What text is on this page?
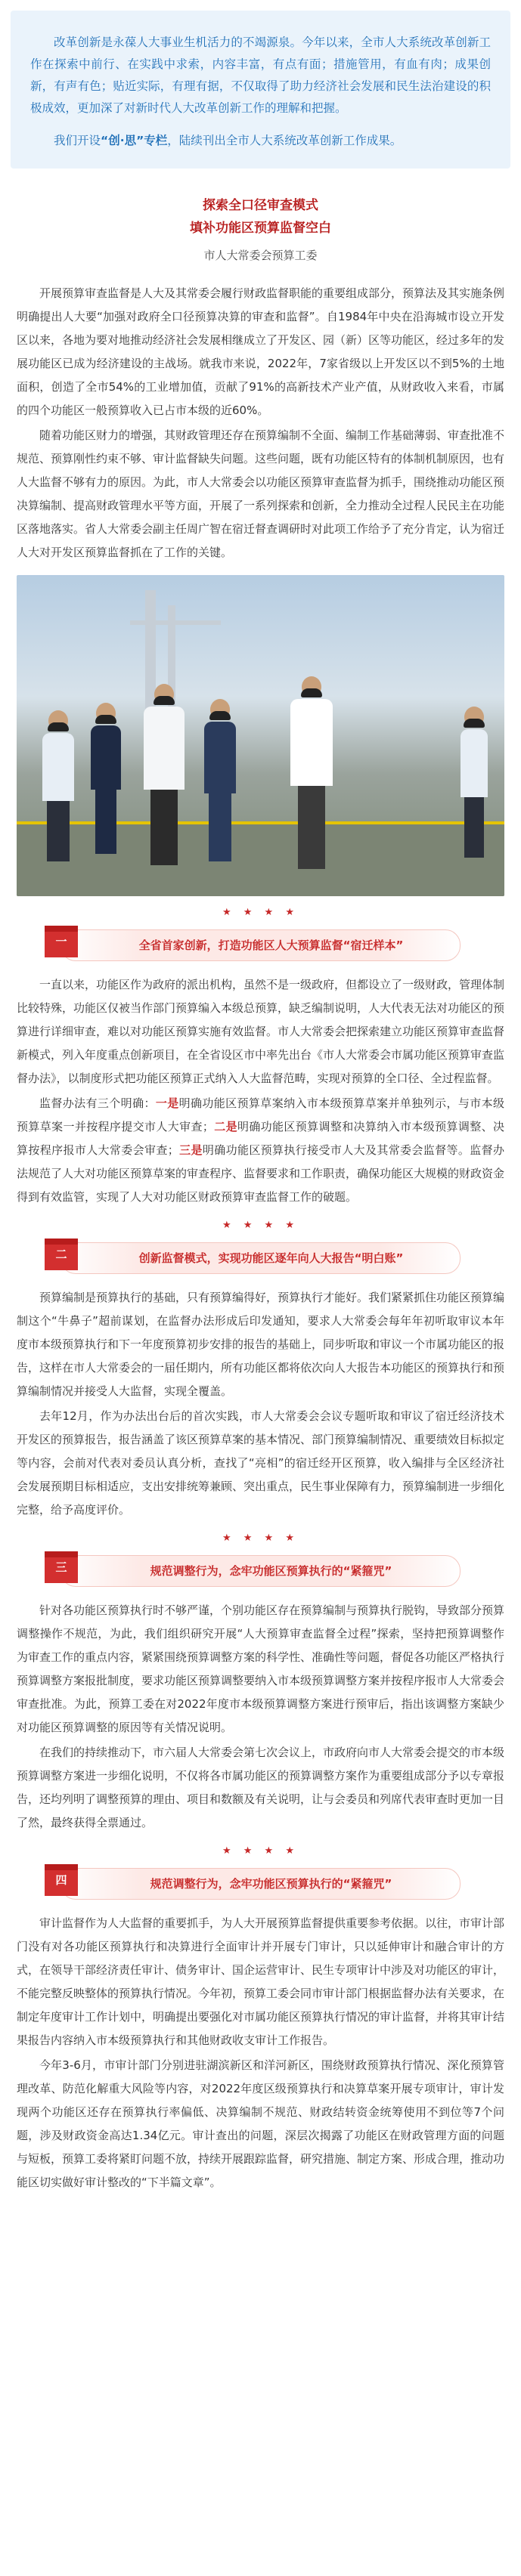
改革创新是永葆人大事业生机活力的不竭源泉。今年以来，全市人大系统改革创新工作在探索中前行、在实践中求索，内容丰富，有点有面；措施管用，有血有肉；成果创新，有声有色；贴近实际，有理有据，不仅取得了助力经济社会发展和民生法治建设的积极成效，更加深了对新时代人大改革创新工作的理解和把握。

我们开设“创·思”专栏，陆续刊出全市人大系统改革创新工作成果。

探索全口径审查模式
填补功能区预算监督空白
市人大常委会预算工委

开展预算审查监督是人大及其常委会履行财政监督职能的重要组成部分，预算法及其实施条例明确提出人大要“加强对政府全口径预算决算的审查和监督”。自1984年中央在沿海城市设立开发区以来，各地为要对地推动经济社会发展相继成立了开发区、园（新）区等功能区，经过多年的发展功能区已成为经济建设的主战场。就我市来说，2022年，7家省级以上开发区以不到5%的土地面积，创造了全市54%的工业增加值，贡献了91%的高新技术产业产值，从财政收入来看，市属的四个功能区一般预算收入已占市本级的近60%。

随着功能区财力的增强，其财政管理还存在预算编制不全面、编制工作基础薄弱、审查批准不规范、预算刚性约束不够、审计监督缺失问题。这些问题，既有功能区特有的体制机制原因，也有人大监督不够有力的原因。为此，市人大常委会以功能区预算审查监督为抓手，围绕推动功能区预决算编制、提高财政管理水平等方面，开展了一系列探索和创新，全力推动全过程人民民主在功能区落地落实。省人大常委会副主任周广智在宿迁督查调研时对此项工作给予了充分肯定，认为宿迁人大对开发区预算监督抓在了工作的关键。

★ ★ ★ ★
一	全省首家创新，打造功能区人大预算监督“宿迁样本”

一直以来，功能区作为政府的派出机构，虽然不是一级政府，但都设立了一级财政，管理体制比较特殊，功能区仅被当作部门预算编入本级总预算，缺乏编制说明，人大代表无法对功能区的预算进行详细审查，难以对功能区预算实施有效监督。市人大常委会把探索建立功能区预算审查监督新模式，列入年度重点创新项目，在全省设区市中率先出台《市人大常委会市属功能区预算审查监督办法》，以制度形式把功能区预算正式纳入人大监督范畴，实现对预算的全口径、全过程监督。

监督办法有三个明确：一是明确功能区预算草案纳入市本级预算草案并单独列示，与市本级预算草案一并按程序提交市人大审查；二是明确功能区预算调整和决算纳入市本级预算调整、决算按程序报市人大常委会审查；三是明确功能区预算执行接受市人大及其常委会监督等。监督办法规范了人大对功能区预算草案的审查程序、监督要求和工作职责，确保功能区大规模的财政资金得到有效监管，实现了人大对功能区财政预算审查监督工作的破题。

★ ★ ★ ★
二	创新监督模式，实现功能区逐年向人大报告“明白账”

预算编制是预算执行的基础，只有预算编得好，预算执行才能好。我们紧紧抓住功能区预算编制这个“牛鼻子”超前谋划，在监督办法形成后印发通知，要求人大常委会每年年初听取审议本年度市本级预算执行和下一年度预算初步安排的报告的基础上，同步听取和审议一个市属功能区的报告，这样在市人大常委会的一届任期内，所有功能区都将依次向人大报告本功能区的预算执行和预算编制情况并接受人大监督，实现全覆盖。

去年12月，作为办法出台后的首次实践，市人大常委会会议专题听取和审议了宿迁经济技术开发区的预算报告，报告涵盖了该区预算草案的基本情况、部门预算编制情况、重要绩效目标拟定等内容，会前对代表对委员认真分析，查找了“亮相”的宿迁经开区预算，收入编排与全区经济社会发展预期目标相适应，支出安排统筹兼顾、突出重点，民生事业保障有力，预算编制进一步细化完整，给予高度评价。

★ ★ ★ ★
三	规范调整行为，念牢功能区预算执行的“紧箍咒”

针对各功能区预算执行时不够严谨，个别功能区存在预算编制与预算执行脱钩，导致部分预算调整操作不规范，为此，我们组织研究开展“人大预算审查监督全过程”探索，坚持把预算调整作为审查工作的重点内容，紧紧围绕预算调整方案的科学性、准确性等问题，督促各功能区严格执行预算调整方案报批制度，要求功能区预算调整要纳入市本级预算调整方案并按程序报市人大常委会审查批准。为此，预算工委在对2022年度市本级预算调整方案进行预审后，指出该调整方案缺少对功能区预算调整的原因等有关情况说明。

在我们的持续推动下，市六届人大常委会第七次会议上，市政府向市人大常委会提交的市本级预算调整方案进一步细化说明，不仅将各市属功能区的预算调整方案作为重要组成部分予以专章报告，还均列明了调整预算的理由、项目和数额及有关说明，让与会委员和列席代表审查时更加一目了然，最终获得全票通过。

★ ★ ★ ★
四	规范调整行为，念牢功能区预算执行的“紧箍咒”

审计监督作为人大监督的重要抓手，为人大开展预算监督提供重要参考依据。以往，市审计部门没有对各功能区预算执行和决算进行全面审计并开展专门审计，只以延伸审计和融合审计的方式，在领导干部经济责任审计、债务审计、国企运营审计、民生专项审计中涉及对功能区的审计，不能完整反映整体的预算执行情况。今年初，预算工委会同市审计部门根据监督办法有关要求，在制定年度审计工作计划中，明确提出要强化对市属功能区预算执行情况的审计监督，并将其审计结果报告内容纳入市本级预算执行和其他财政收支审计工作报告。

今年3-6月，市审计部门分别进驻湖滨新区和洋河新区，围绕财政预算执行情况、深化预算管理改革、防范化解重大风险等内容，对2022年度区级预算执行和决算草案开展专项审计，审计发现两个功能区还存在预算执行率偏低、决算编制不规范、财政结转资金统筹使用不到位等7个问题，涉及财政资金高达1.34亿元。审计查出的问题，深层次揭露了功能区在财政管理方面的问题与短板，预算工委将紧盯问题不放，持续开展跟踪监督，研究措施、制定方案、形成合理，推动功能区切实做好审计整改的“下半篇文章”。
